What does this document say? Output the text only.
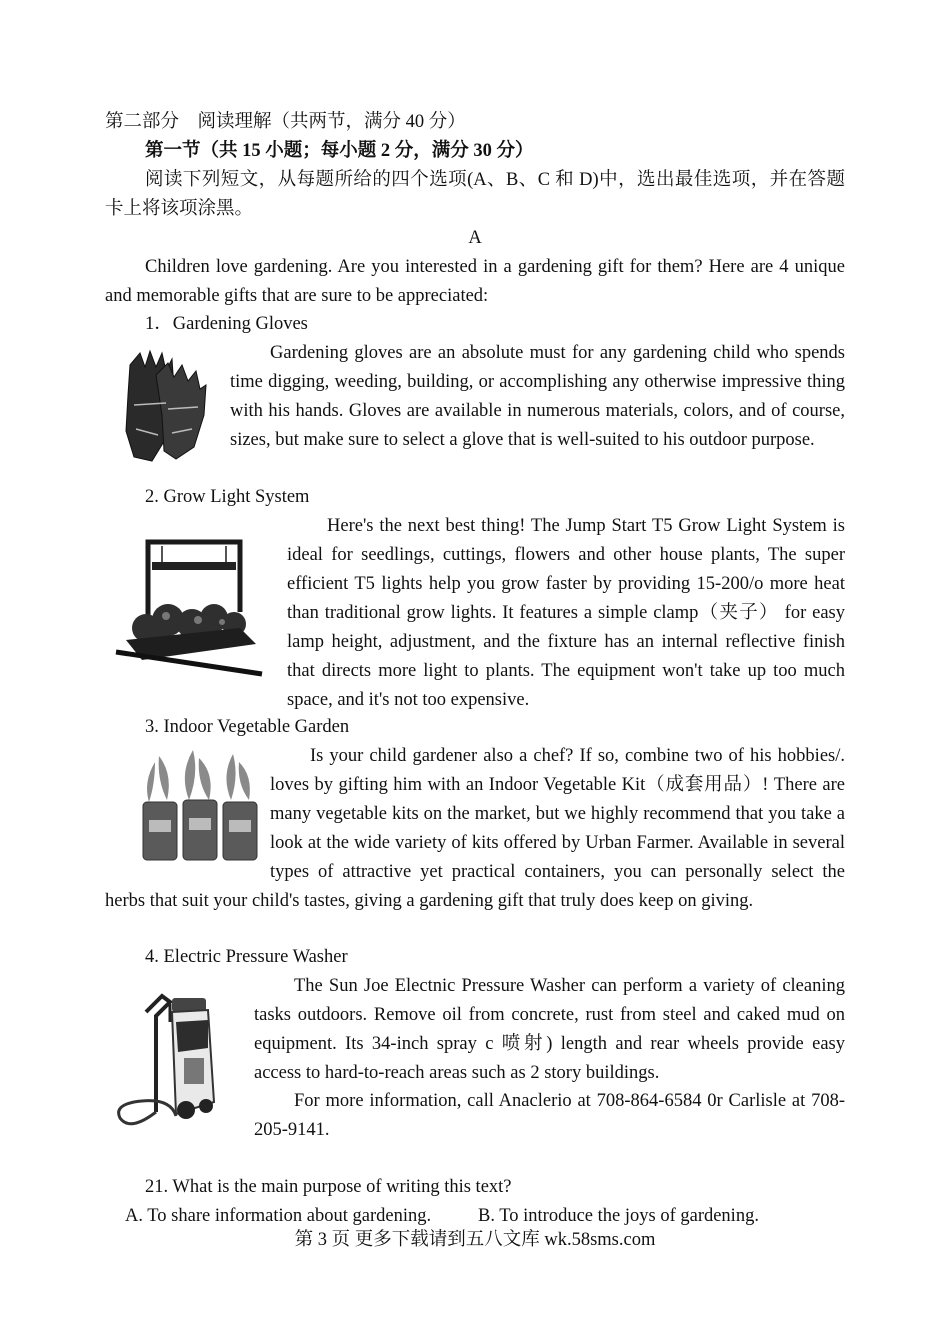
第二部分　阅读理解（共两节，满分 40 分）

第一节（共 15 小题；每小题 2 分，满分 30 分）

阅读下列短文，从每题所给的四个选项(A、B、C 和 D)中，选出最佳选项，并在答题卡上将该项涂黑。

A

Children love gardening. Are you interested in a gardening gift for them? Here are 4 unique and memorable gifts that are sure to be appreciated:

1．Gardening Gloves

Gardening gloves are an absolute must for any gardening child who spends time digging, weeding, building, or accomplishing any otherwise impressive thing with his hands. Gloves are available in numerous materials, colors, and of course, sizes, but make sure to select a glove that is well-suited to his outdoor purpose.

2. Grow Light System

Here's the next best thing! The Jump Start T5 Grow Light System is ideal for seedlings, cuttings, flowers and other house plants, The super efficient T5 lights help you grow faster by providing 15-200/o more heat than traditional grow lights. It features a simple clamp（夹子） for easy lamp height, adjustment, and the fixture has an internal reflective finish that directs more light to plants. The equipment won't take up too much space, and it's not too expensive.

3. Indoor Vegetable Garden

Is your child gardener also a chef? If so, combine two of his hobbies/. loves by gifting him with an Indoor Vegetable Kit（成套用品）! There are many vegetable kits on the market, but we highly recommend that you take a look at the wide variety of kits offered by Urban Farmer. Available in several types of attractive yet practical containers, you can personally select the herbs that suit your child's tastes, giving a gardening gift that truly does keep on giving.

4. Electric Pressure Washer

The Sun Joe Electnic Pressure Washer can perform a variety of cleaning tasks outdoors. Remove oil from concrete, rust from steel and caked mud on equipment. Its 34-inch spray c 喷射) length and rear wheels provide easy access to hard-to-reach areas such as 2 story buildings.

For more information, call Anaclerio at 708-864-6584 0r Carlisle at 708-205-9141.

21. What is the main purpose of writing this text?

A. To share information about gardening.	B. To introduce the joys of gardening.

第 3 页 更多下载请到五八文库 wk.58sms.com
